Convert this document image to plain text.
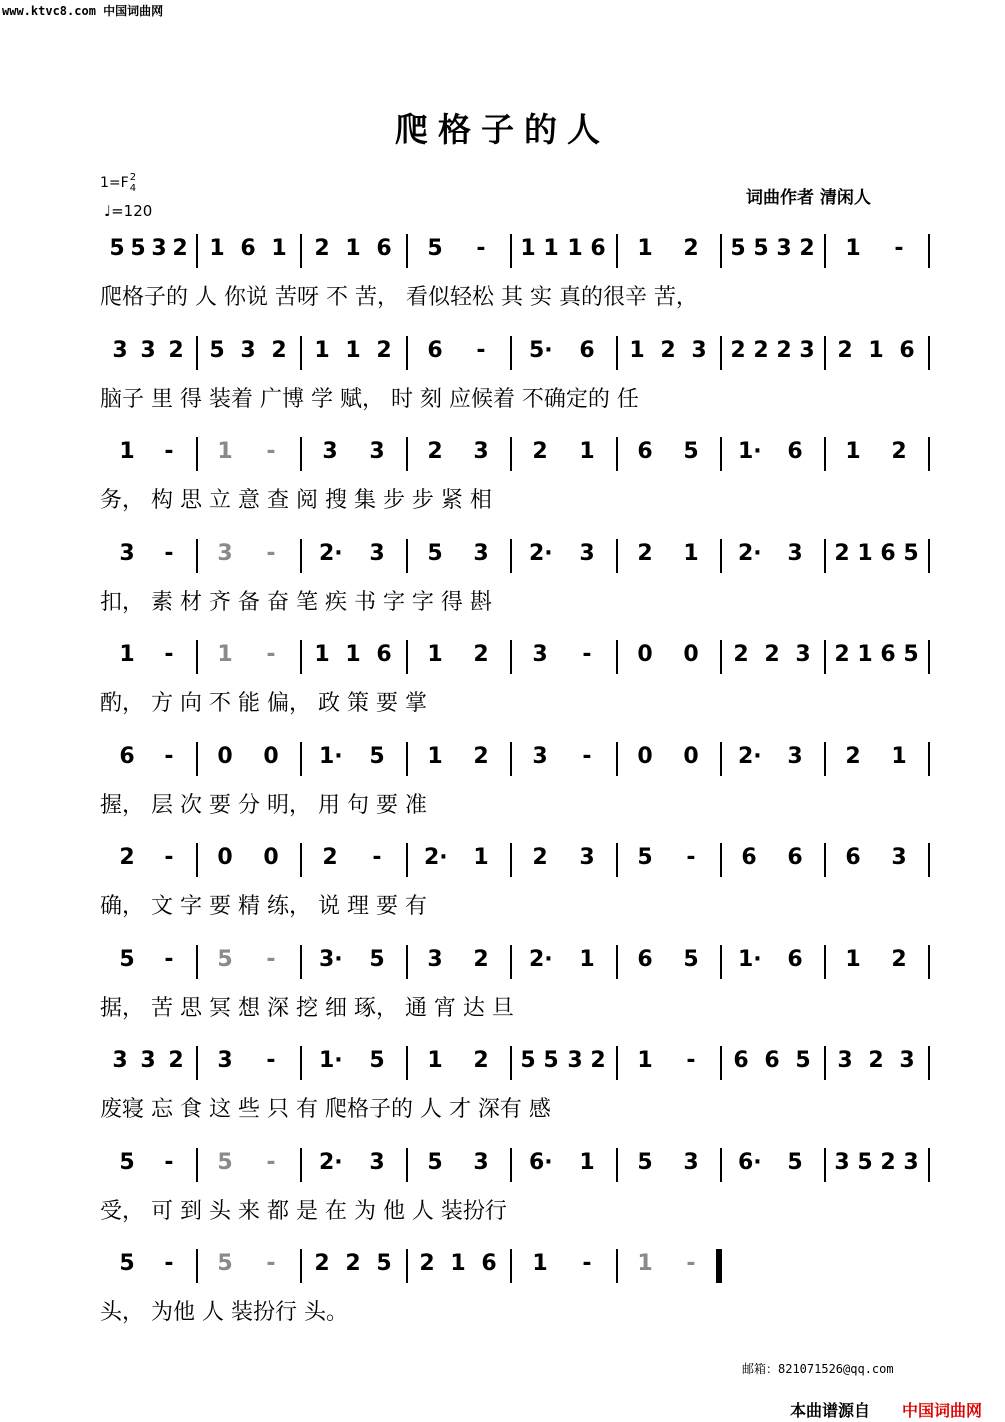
www.ktvc8.com 中国词曲网
爬格子的人
1=F2
4
♩=120
词曲作者 清闲人
5 5 3 2 1 6 1 2 1 6 5 - 1 1 1 6 1 2 5 5 3 2 1 -
爬格子的 人 你说 苦呀 不 苦， 看似轻松 其 实 真的很辛 苦，
3 3 2 5 3 2 1 1 2 6 - 5· 6 1 2 3 2 2 2 3 2 1 6
脑子 里 得 装着 广博 学 赋， 时 刻 应候着 不确定的 任
1 - 1 - 3 3 2 3 2 1 6 5 1· 6 1 2
务， 构 思 立 意 查 阅 搜 集 步 步 紧 相
3 - 3 - 2· 3 5 3 2· 3 2 1 2· 3 2 1 6 5
扣， 素 材 齐 备 奋 笔 疾 书 字 字 得 斟
1 - 1 - 1 1 6 1 2 3 - 0 0 2 2 3 2 1 6 5
酌， 方 向 不 能 偏， 政 策 要 掌
6 - 0 0 1· 5 1 2 3 - 0 0 2· 3 2 1
握， 层 次 要 分 明， 用 句 要 准
2 - 0 0 2 - 2· 1 2 3 5 - 6 6 6 3
确， 文 字 要 精 练， 说 理 要 有
5 - 5 - 3· 5 3 2 2· 1 6 5 1· 6 1 2
据， 苦 思 冥 想 深 挖 细 琢， 通 宵 达 旦
3 3 2 3 - 1· 5 1 2 5 5 3 2 1 - 6 6 5 3 2 3
废寝 忘 食 这 些 只 有 爬格子的 人 才 深有 感
5 - 5 - 2· 3 5 3 6· 1 5 3 6· 5 3 5 2 3
受， 可 到 头 来 都 是 在 为 他 人 装扮行
5 - 5 - 2 2 5 2 1 6 1 - 1 -
头， 为他 人 装扮行 头。
邮箱：821071526@qq.com
本曲谱源自 中国词曲网
